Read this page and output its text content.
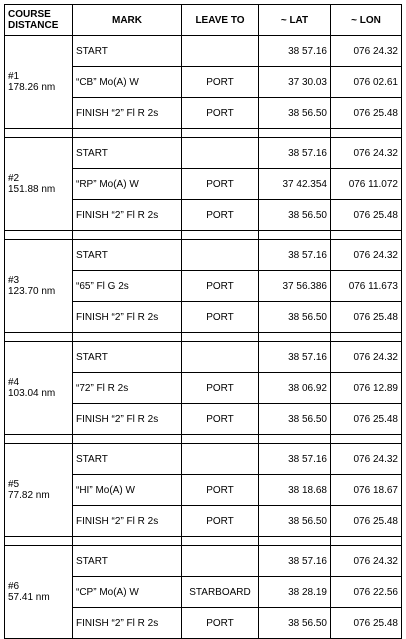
COURSE
DISTANCE	MARK	LEAVE TO	~ LAT	~ LON

#1
178.26 nm	START		38 57.16	076 24.32
	“CB” Mo(A) W	PORT	37 30.03	076 02.61
	FINISH “2” Fl R 2s	PORT	38 56.50	076 25.48

#2
151.88 nm	START		38 57.16	076 24.32
	“RP” Mo(A) W	PORT	37 42.354	076 11.072
	FINISH “2” Fl R 2s	PORT	38 56.50	076 25.48

#3
123.70 nm	START		38 57.16	076 24.32
	“65” Fl G 2s	PORT	37 56.386	076 11.673
	FINISH “2” Fl R 2s	PORT	38 56.50	076 25.48

#4
103.04 nm	START		38 57.16	076 24.32
	“72” Fl R 2s	PORT	38 06.92	076 12.89
	FINISH “2” Fl R 2s	PORT	38 56.50	076 25.48

#5
77.82 nm	START		38 57.16	076 24.32
	“HI” Mo(A) W	PORT	38 18.68	076 18.67
	FINISH “2” Fl R 2s	PORT	38 56.50	076 25.48

#6
57.41 nm	START		38 57.16	076 24.32
	“CP” Mo(A) W	STARBOARD	38 28.19	076 22.56
	FINISH “2” Fl R 2s	PORT	38 56.50	076 25.48
